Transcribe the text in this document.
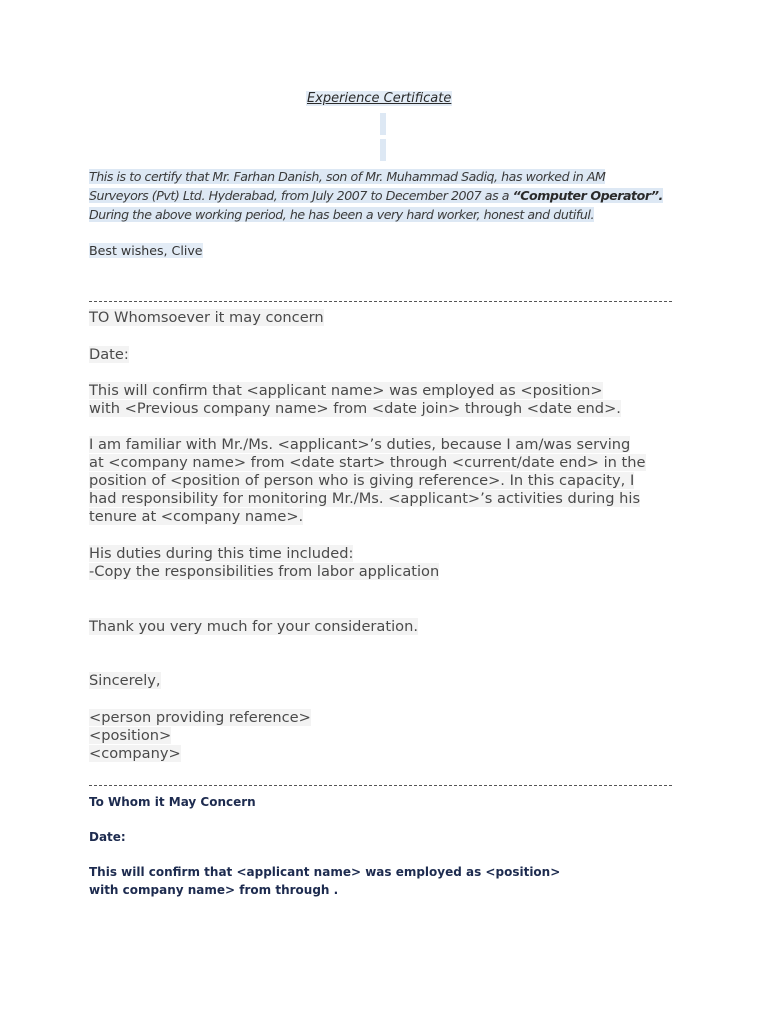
Experience Certificate
This is to certify that Mr. Farhan Danish, son of Mr. Muhammad Sadiq, has worked in AM Surveyors (Pvt) Ltd. Hyderabad, from July 2007 to December 2007 as a “Computer Operator”. During the above working period, he has been a very hard worker, honest and dutiful.
Best wishes, Clive
TO Whomsoever it may concern
Date:
This will confirm that <applicant name> was employed as <position>
with <Previous company name> from <date join> through <date end>.
I am familiar with Mr./Ms. <applicant>’s duties, because I am/was serving
at <company name> from <date start> through <current/date end> in the
position of <position of person who is giving reference>. In this capacity, I
had responsibility for monitoring Mr./Ms. <applicant>’s activities during his
tenure at <company name>.
His duties during this time included:
-Copy the responsibilities from labor application
Thank you very much for your consideration.
Sincerely,
<person providing reference>
<position>
<company>
To Whom it May Concern
Date:
This will confirm that <applicant name> was employed as <position>
with company name> from through .
